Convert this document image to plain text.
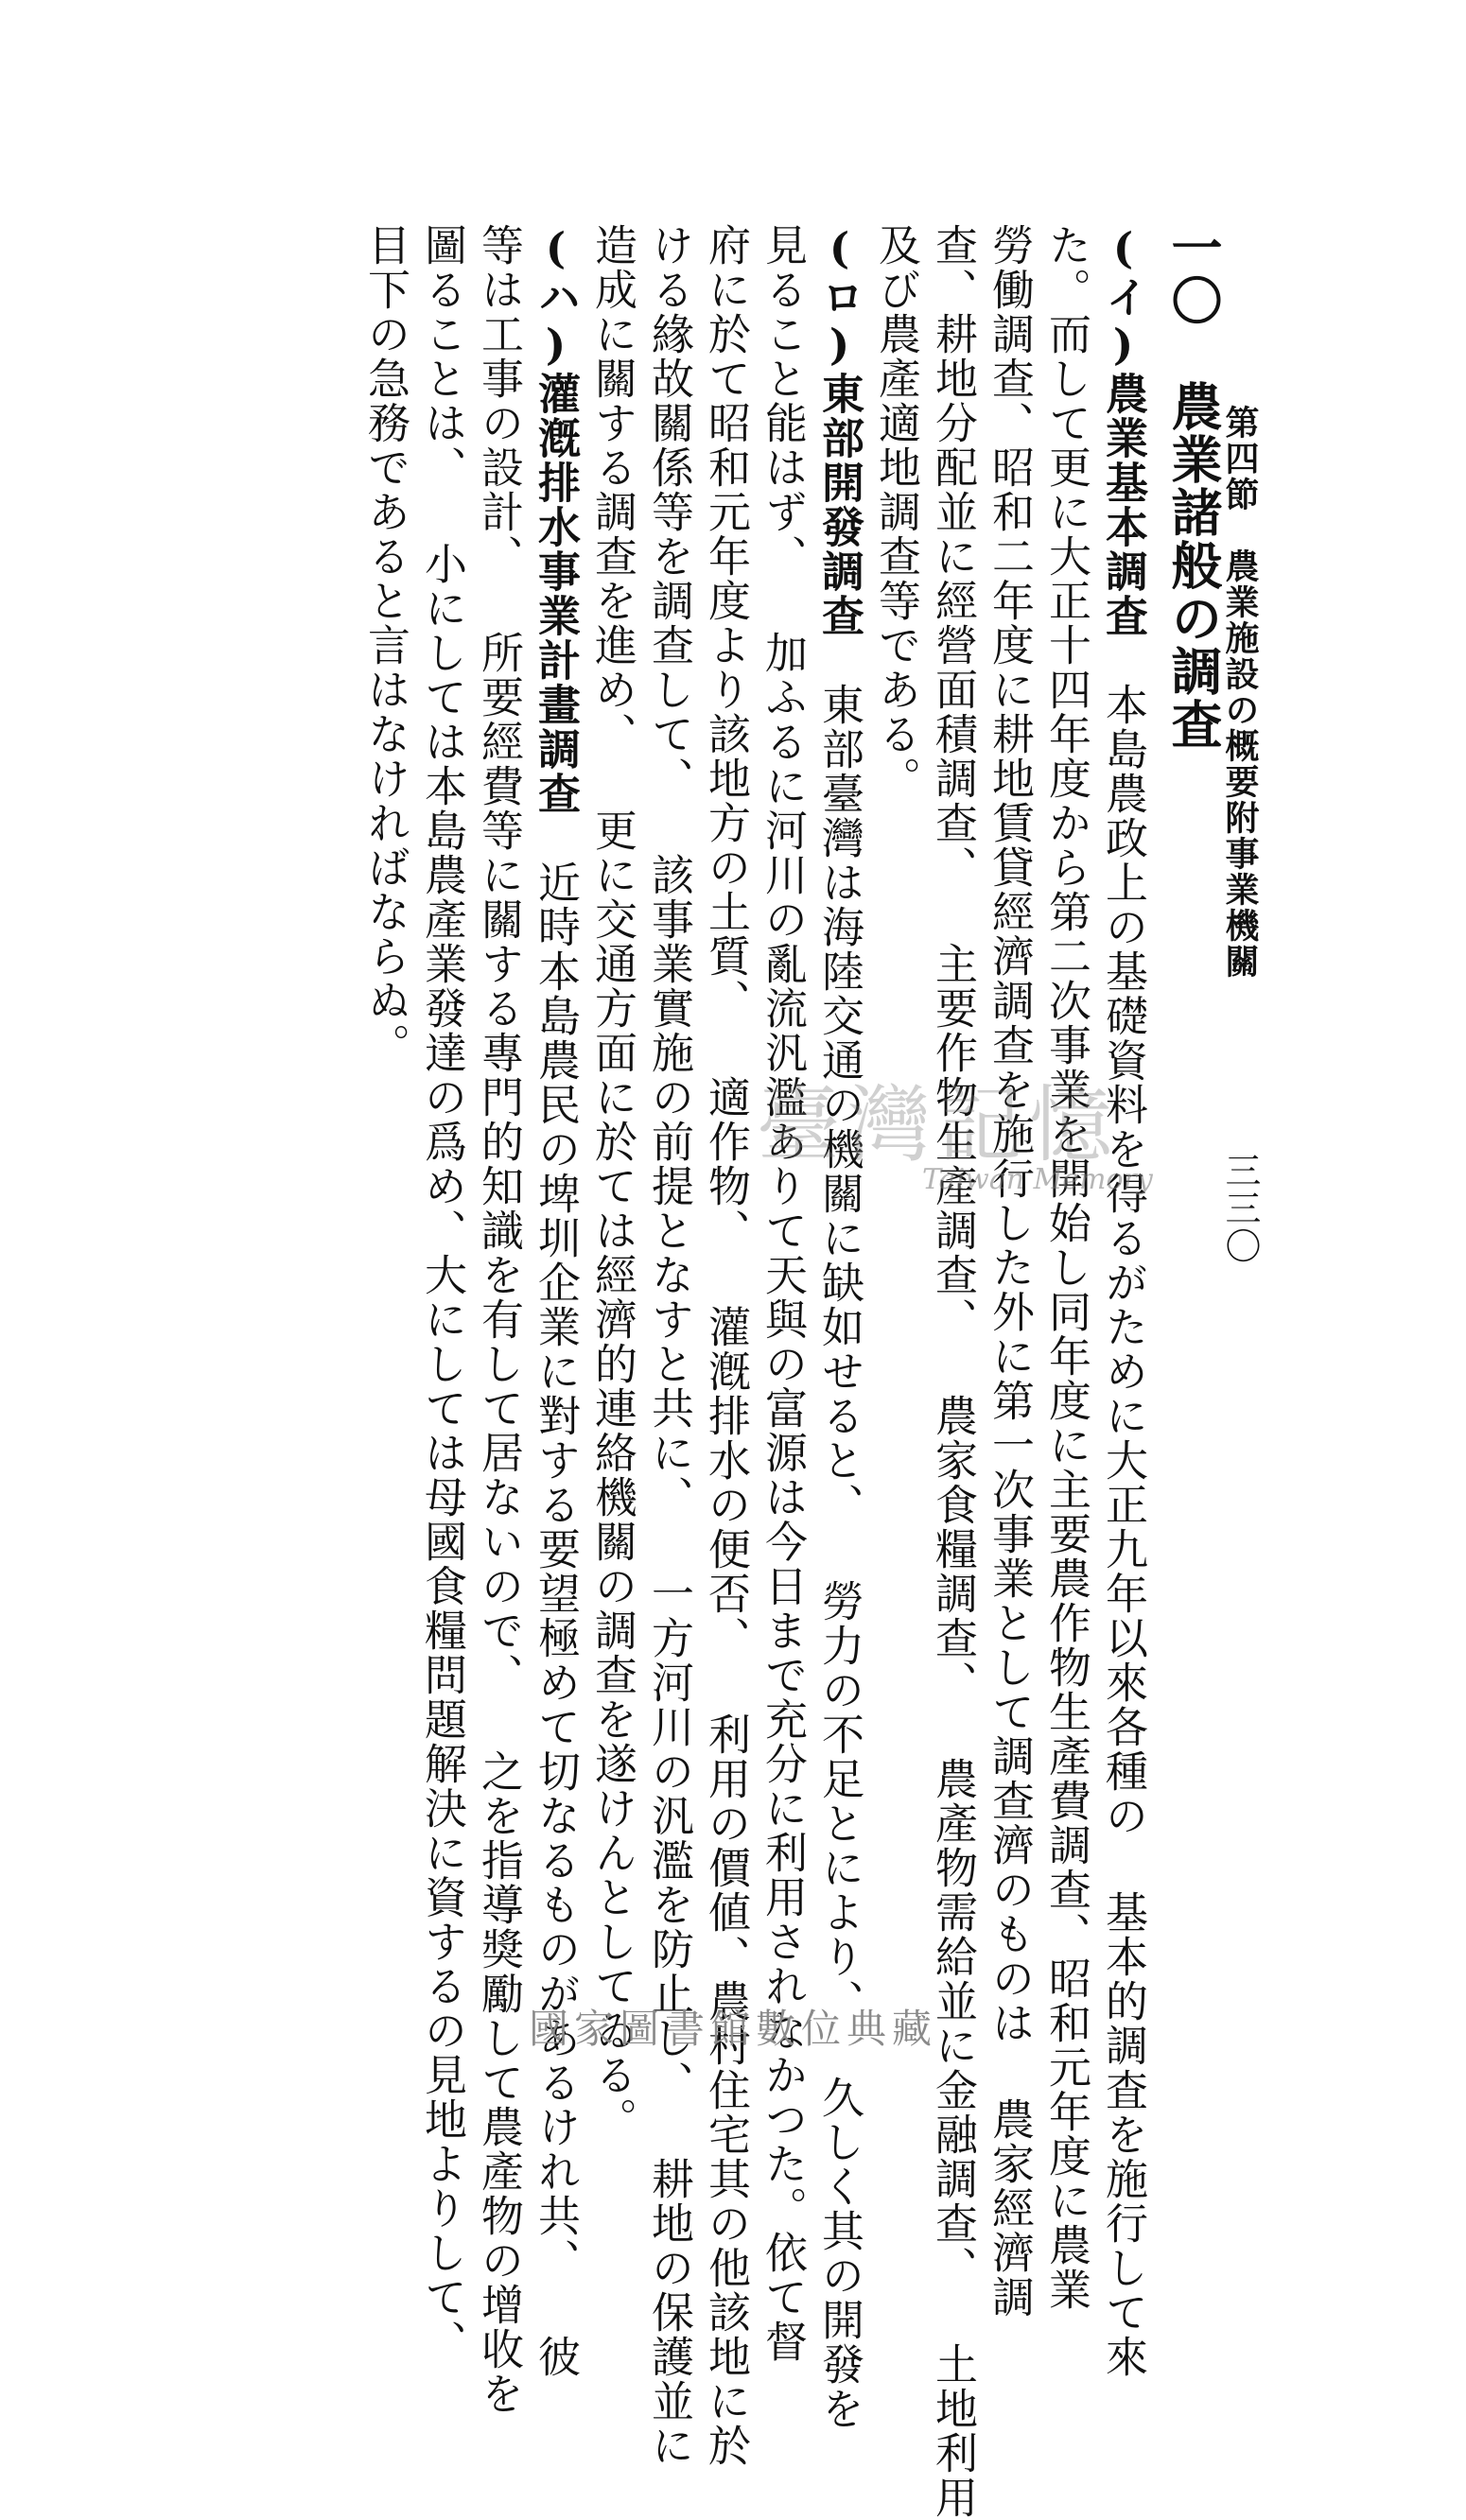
第四節　農業施設の概要附事業機關
三三〇
一〇　農業諸般の調査
(イ)農業基本調査　本島農政上の基礎資料を得るがために大正九年以來各種の 基本的調査を施行して來
た。而して更に大正十四年度から第二次事業を開始し同年度に主要農作物生產費調查、昭和元年度に農業
勞働調查、昭和二年度に耕地賃貸經濟調查を施行した外に第一次事業として調查濟のものは 農家經濟調
查、耕地分配並に經營面積調查、 主要作物生產調查、 農家食糧調查、 農產物需給並に金融調查、 土地利用
及び農產適地調查等である。
(ロ)東部開發調查　東部臺灣は海陸交通の機關に缺如せると、 勞力の不足とにより、 久しく其の開發を
見ること能はず、 加ふるに河川の亂流汎濫ありて天與の富源は今日まで充分に利用されなかつた。依て督
府に於て昭和元年度より該地方の土質、 適作物、 灌漑排水の便否、 利用の價値、農村住宅其の他該地に於
ける緣故關係等を調查して、 該事業實施の前提となすと共に、 一方河川の汎濫を防止し、 耕地の保護並に
造成に關する調查を進め、 更に交通方面に於ては經濟的連絡機關の調查を遂けんとしてゐる。
(ハ)灌漑排水事業計畫調查　近時本島農民の埤圳企業に對する要望極めて切なるものがあるけれ共、 彼
等は工事の設計、 所要經費等に關する專門的知識を有して居ないので、 之を指導獎勵して農產物の增收を
圖ることは、 小にしては本島農產業發達の爲め、大にしては母國食糧問題解決に資するの見地よりして、
目下の急務であると言はなければならぬ。
臺灣記憶
Taiwan Memory
國家圖書館數位典藏
